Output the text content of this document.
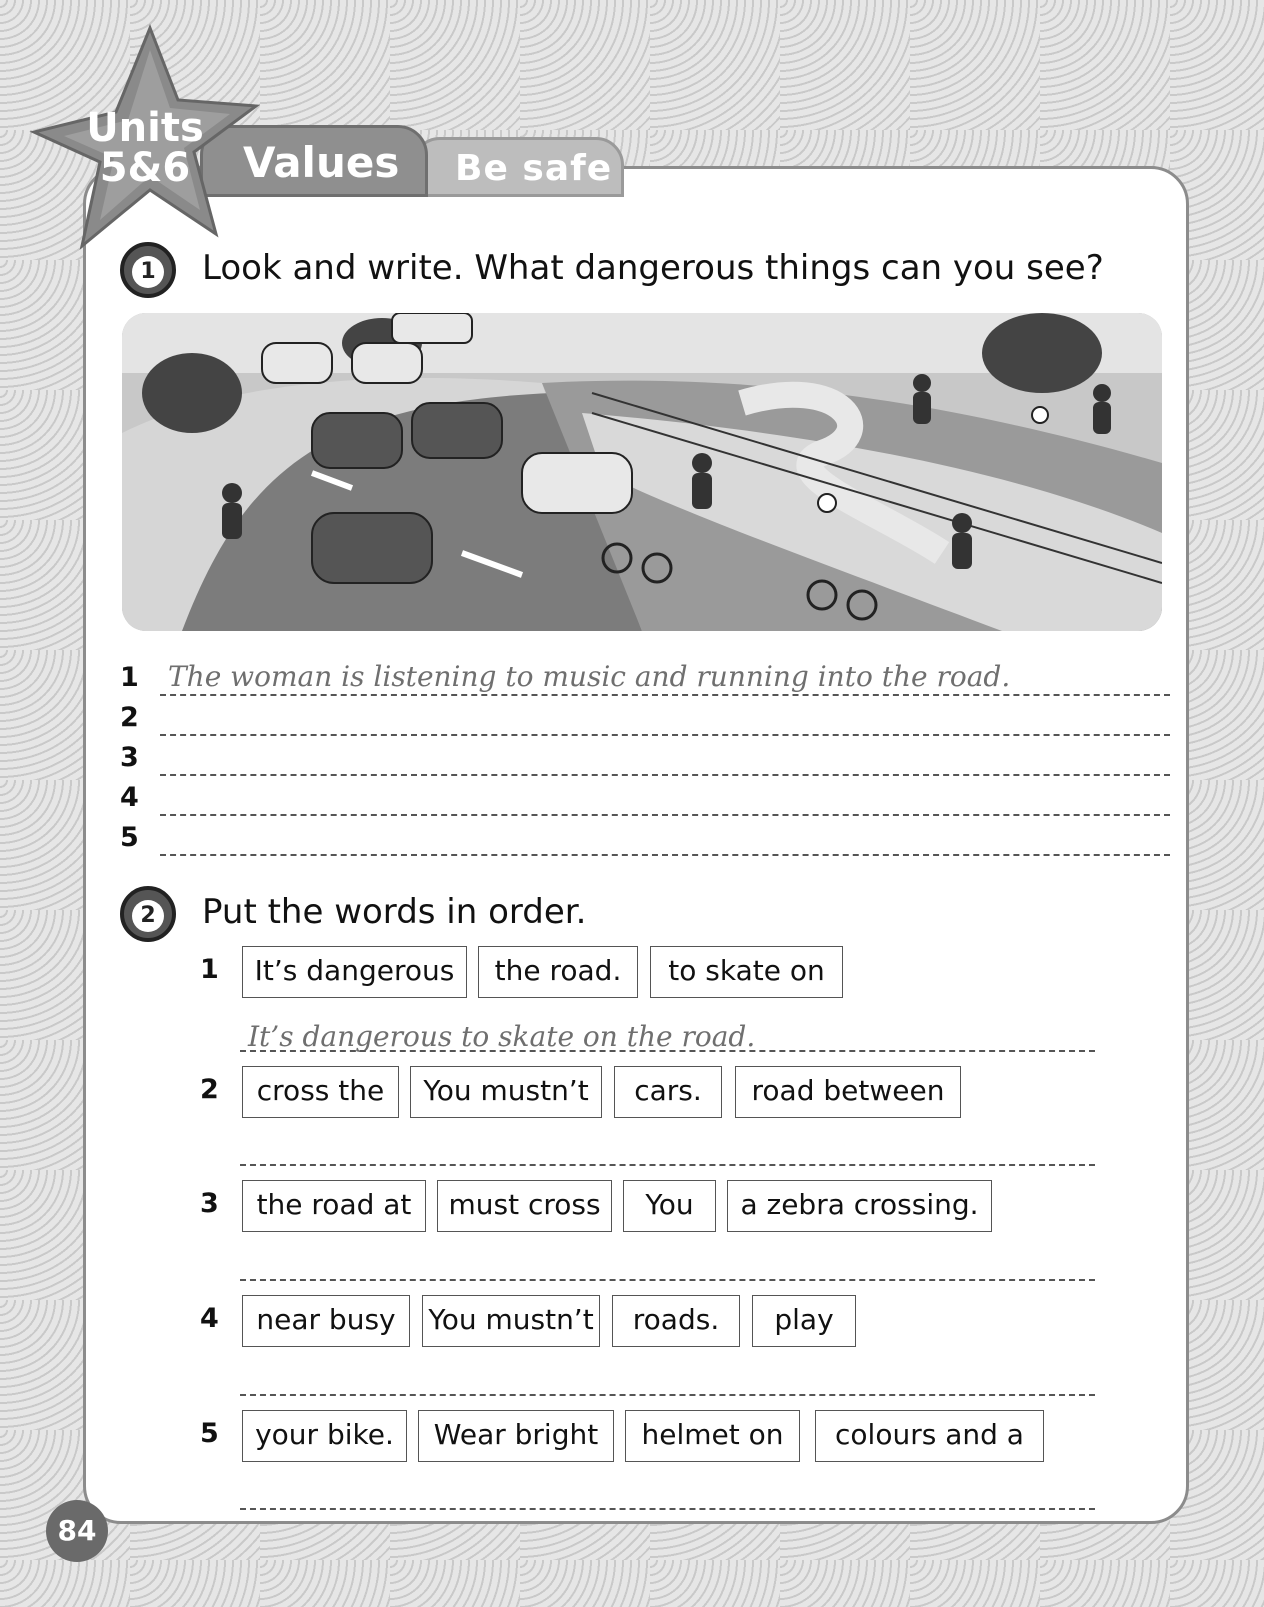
Be safe
Values
Units
5&6
1	Look and write. What dangerous things can you see?
1 The woman is listening to music and running into the road.
2
3
4
5
2	Put the words in order.
1	It’s dangerous	the road.	to skate on
It’s dangerous to skate on the road.
2	cross the	You mustn’t	cars.	road between
3	the road at	must cross	You	a zebra crossing.
4	near busy	You mustn’t	roads.	play
5	your bike.	Wear bright	helmet on	colours and a
84
